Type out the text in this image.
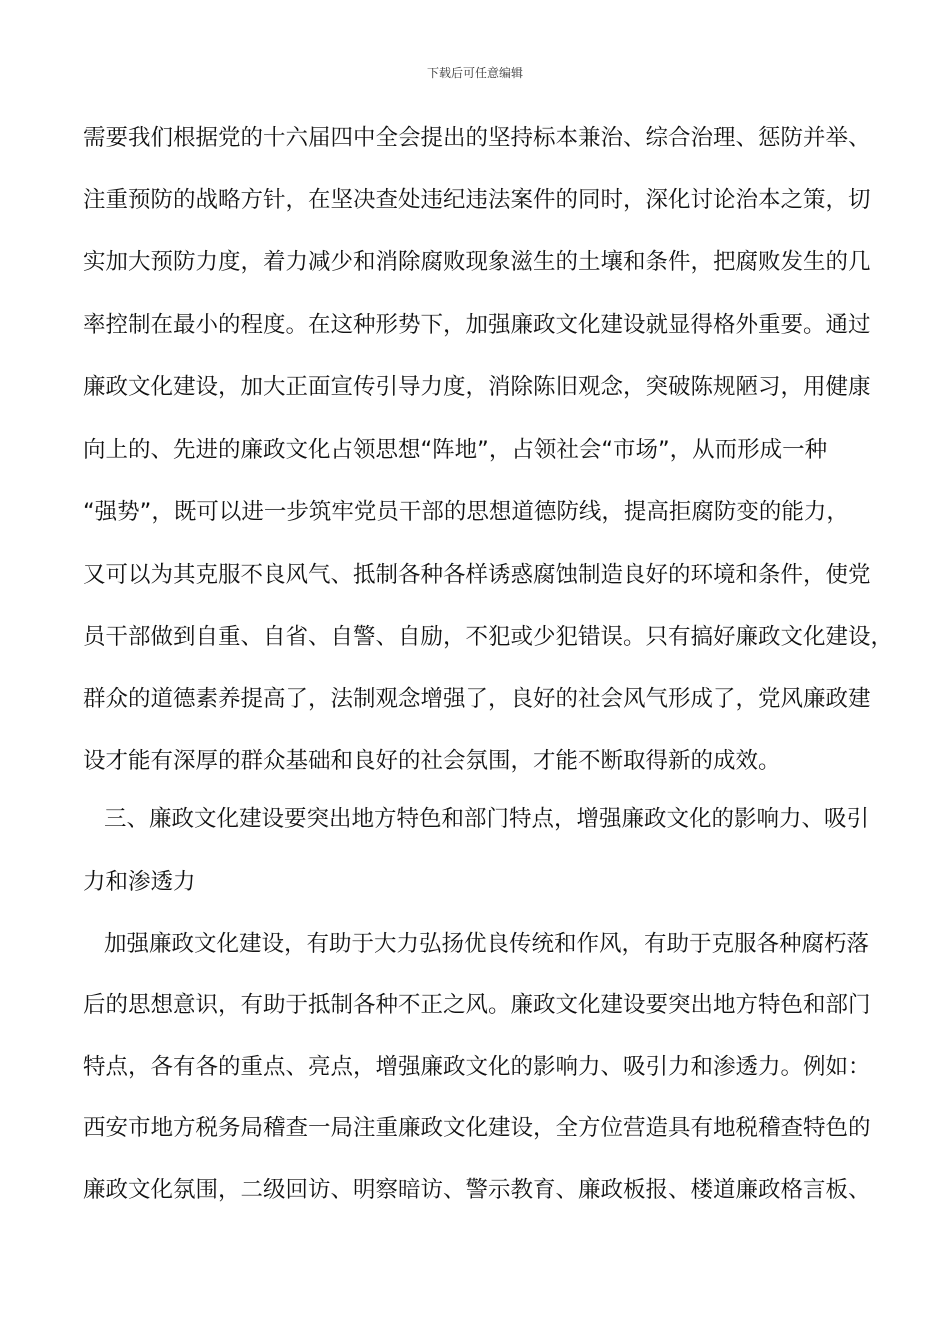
下载后可任意编辑
需要我们根据党的十六届四中全会提出的坚持标本兼治、综合治理、惩防并举、
注重预防的战略方针，在坚决查处违纪违法案件的同时，深化讨论治本之策，切
实加大预防力度，着力减少和消除腐败现象滋生的土壤和条件，把腐败发生的几
率控制在最小的程度。在这种形势下，加强廉政文化建设就显得格外重要。通过
廉政文化建设，加大正面宣传引导力度，消除陈旧观念，突破陈规陋习，用健康
向上的、先进的廉政文化占领思想“阵地”，占领社会“市场”，从而形成一种
“强势”，既可以进一步筑牢党员干部的思想道德防线，提高拒腐防变的能力，
又可以为其克服不良风气、抵制各种各样诱惑腐蚀制造良好的环境和条件，使党
员干部做到自重、自省、自警、自励，不犯或少犯错误。只有搞好廉政文化建设，
群众的道德素养提高了，法制观念增强了，良好的社会风气形成了，党风廉政建
设才能有深厚的群众基础和良好的社会氛围，才能不断取得新的成效。
三、廉政文化建设要突出地方特色和部门特点，增强廉政文化的影响力、吸引
力和渗透力
加强廉政文化建设，有助于大力弘扬优良传统和作风，有助于克服各种腐朽落
后的思想意识，有助于抵制各种不正之风。廉政文化建设要突出地方特色和部门
特点，各有各的重点、亮点，增强廉政文化的影响力、吸引力和渗透力。例如：
西安市地方税务局稽查一局注重廉政文化建设，全方位营造具有地税稽查特色的
廉政文化氛围，二级回访、明察暗访、警示教育、廉政板报、楼道廉政格言板、
